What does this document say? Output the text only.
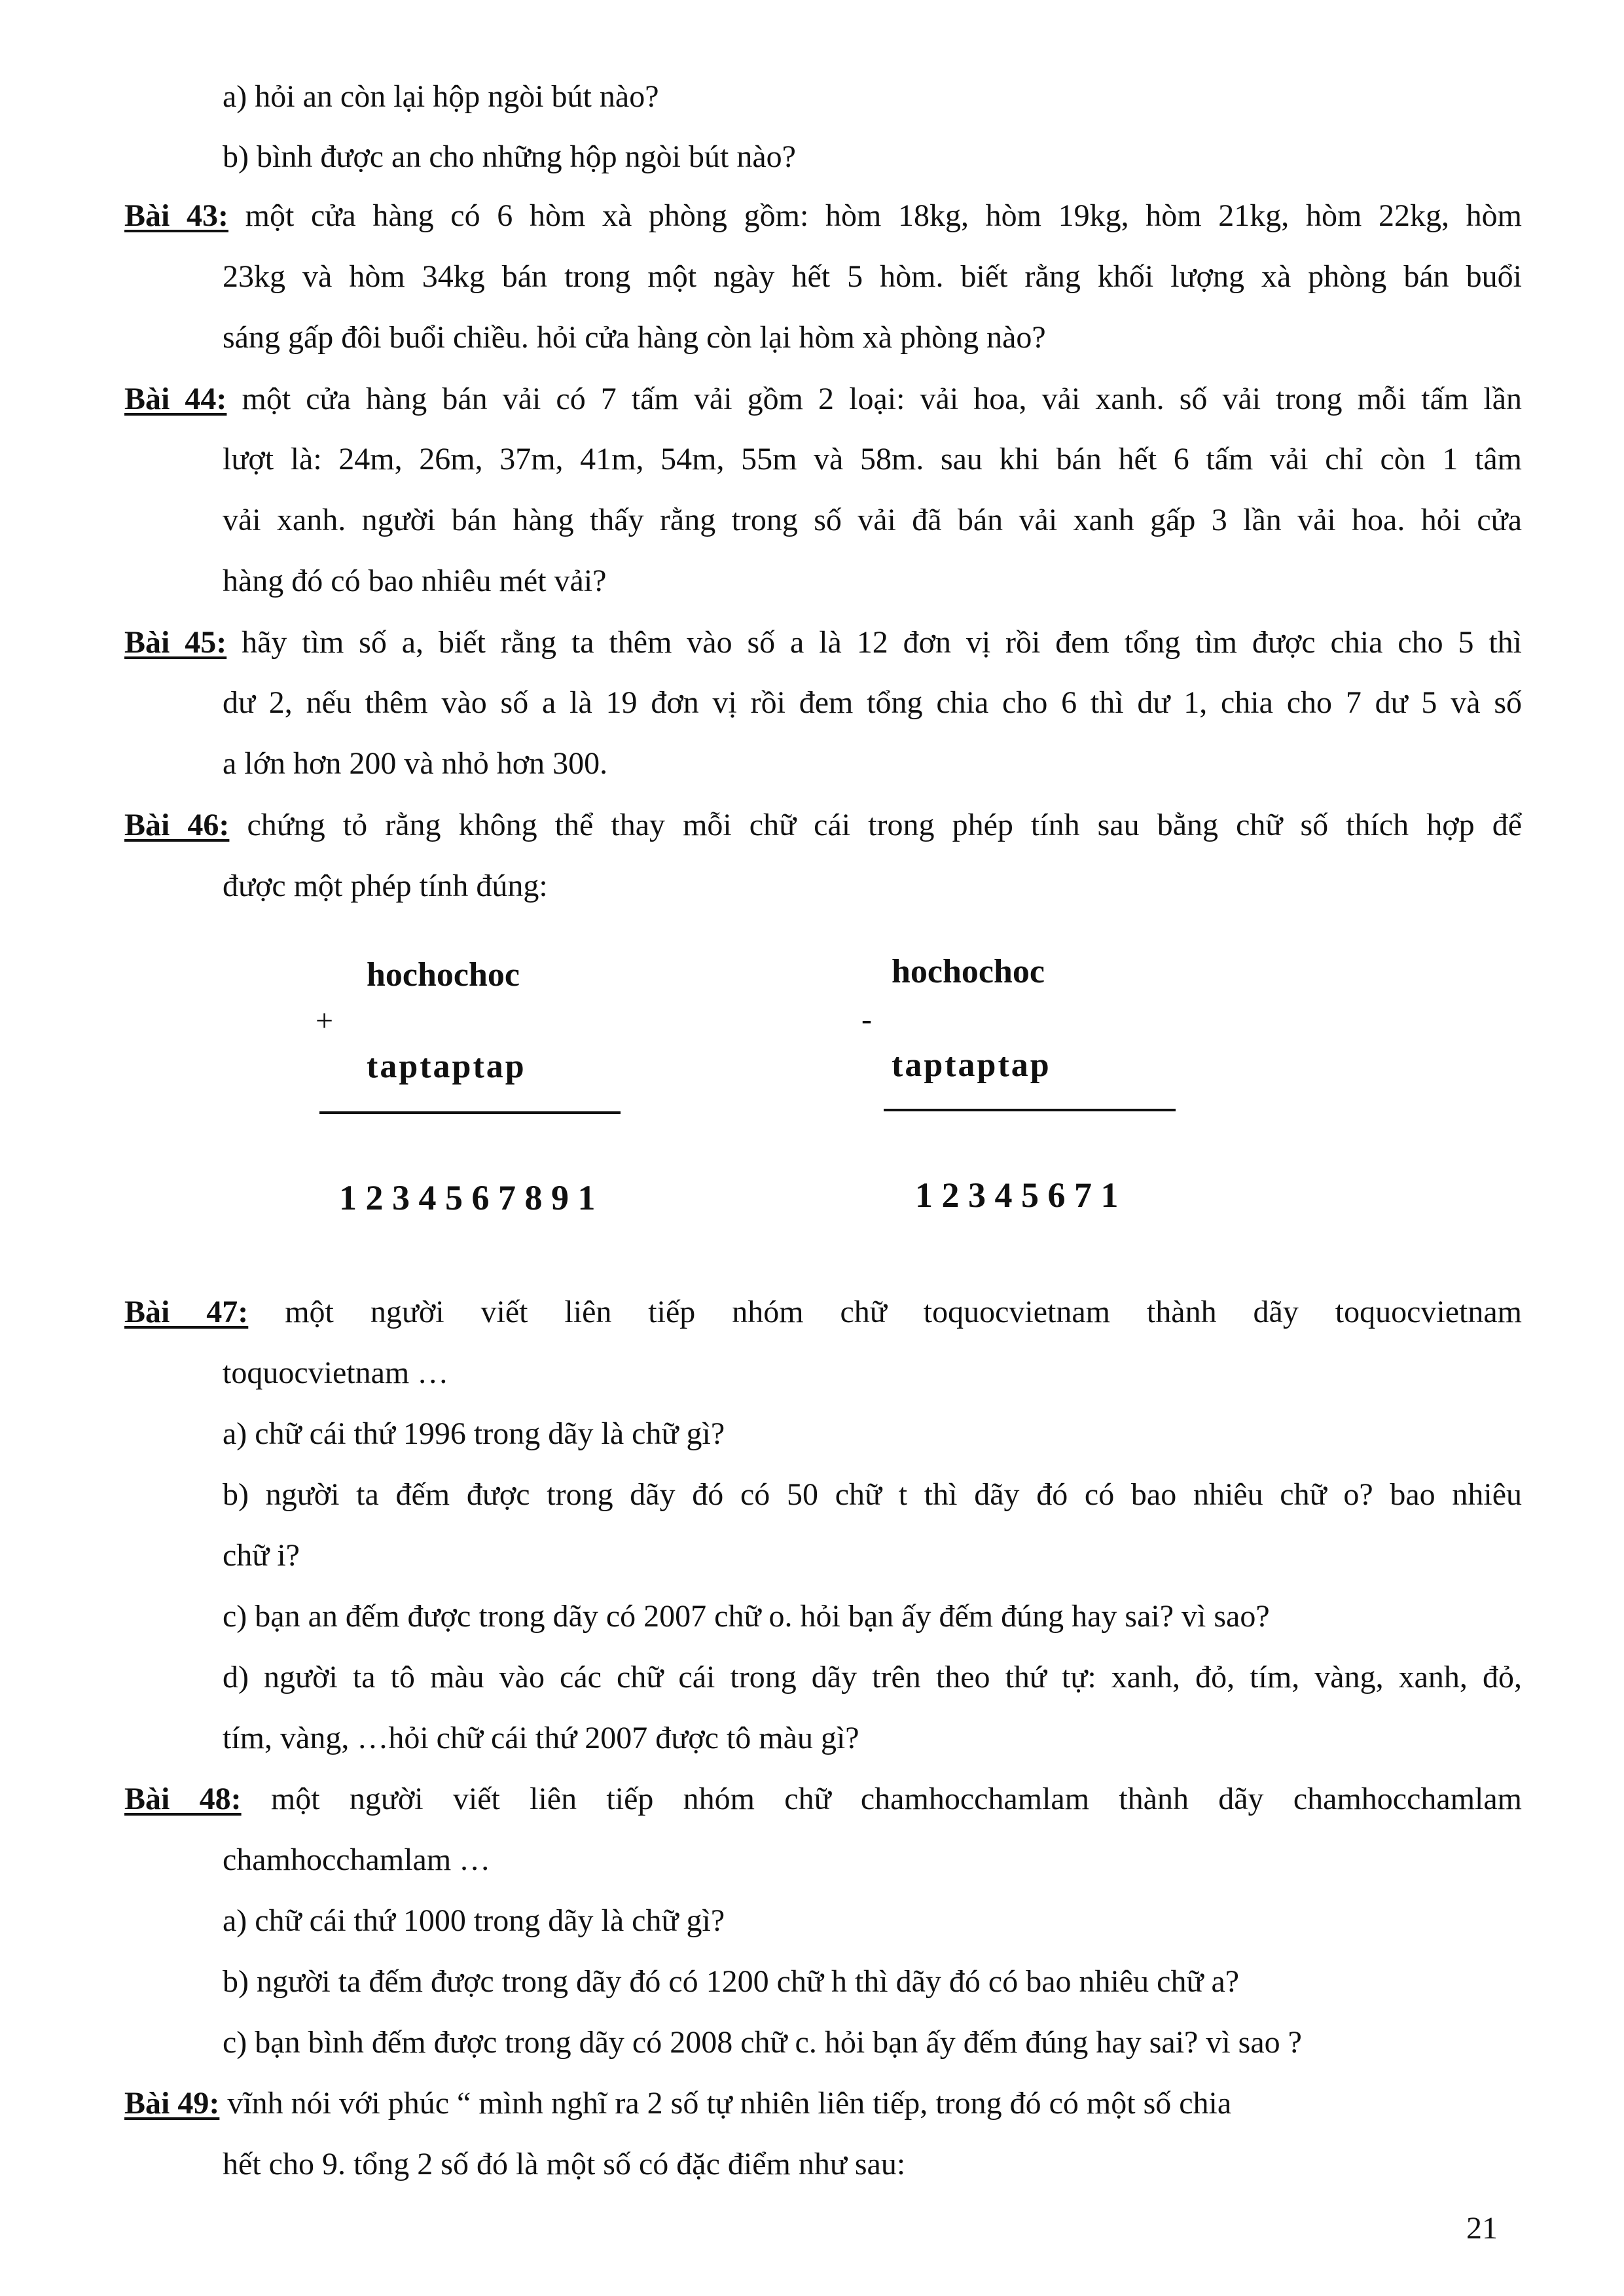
a) hỏi an còn lại hộp ngòi bút nào?
b) bình được an cho những hộp ngòi bút nào?
Bài 43: một cửa hàng có 6 hòm xà phòng gồm: hòm 18kg, hòm 19kg, hòm 21kg, hòm 22kg, hòm
23kg và hòm 34kg bán trong một ngày hết 5 hòm. biết rằng khối lượng xà phòng bán buổi
sáng gấp đôi buổi chiều. hỏi cửa hàng còn lại hòm xà phòng nào?
Bài 44: một cửa hàng bán vải có 7 tấm vải gồm 2 loại: vải hoa, vải xanh. số vải trong mỗi tấm lần
lượt là: 24m, 26m, 37m, 41m, 54m, 55m và 58m. sau khi bán hết 6 tấm vải chỉ còn 1 tâm
vải xanh. người bán hàng thấy rằng trong số vải đã bán vải xanh gấp 3 lần vải hoa. hỏi cửa
hàng đó có bao nhiêu mét vải?
Bài 45: hãy tìm số a, biết rằng ta thêm vào số a là 12 đơn vị rồi đem tổng tìm được chia cho 5 thì
dư 2, nếu thêm vào số a là 19 đơn vị rồi đem tổng chia cho 6 thì dư 1, chia cho 7 dư 5 và số
a lớn hơn 200 và nhỏ hơn 300.
Bài 46: chứng tỏ rằng không thể thay mỗi chữ cái trong phép tính sau bằng chữ số thích hợp để
được một phép tính đúng:
hochochoc
+
taptaptap
1 2 3 4 5 6 7 8 9 1
hochochoc
-
taptaptap
1 2 3 4 5 6 7 1
Bài 47: một người viết liên tiếp nhóm chữ toquocvietnam thành dãy toquocvietnam
toquocvietnam …
a) chữ cái thứ 1996 trong dãy là chữ gì?
b) người ta đếm được trong dãy đó có 50 chữ t thì dãy đó có bao nhiêu chữ o? bao nhiêu
chữ i?
c) bạn an đếm được trong dãy có 2007 chữ o. hỏi bạn ấy đếm đúng hay sai? vì sao?
d) người ta tô màu vào các chữ cái trong dãy trên theo thứ tự: xanh, đỏ, tím, vàng, xanh, đỏ,
tím, vàng, …hỏi chữ cái thứ 2007 được tô màu gì?
Bài 48: một người viết liên tiếp nhóm chữ chamhocchamlam thành dãy chamhocchamlam
chamhocchamlam …
a) chữ cái thứ 1000 trong dãy là chữ gì?
b) người ta đếm được trong dãy đó có 1200 chữ h thì dãy đó có bao nhiêu chữ a?
c) bạn bình đếm được trong dãy có 2008 chữ c. hỏi bạn ấy đếm đúng hay sai? vì sao ?
Bài 49: vĩnh nói với phúc “ mình nghĩ ra 2 số tự nhiên liên tiếp, trong đó có một số chia
hết cho 9. tổng 2 số đó là một số có đặc điểm như sau:
21
